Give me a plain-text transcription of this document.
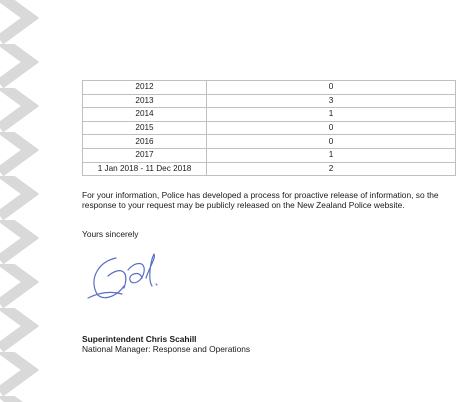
2012	0
2013	3
2014	1
2015	0
2016	0
2017	1
1 Jan 2018 - 11 Dec 2018	2

For your information, Police has developed a process for proactive release of information, so the response to your request may be publicly released on the New Zealand Police website.

Yours sincerely

Superintendent Chris Scahill

National Manager: Response and Operations
